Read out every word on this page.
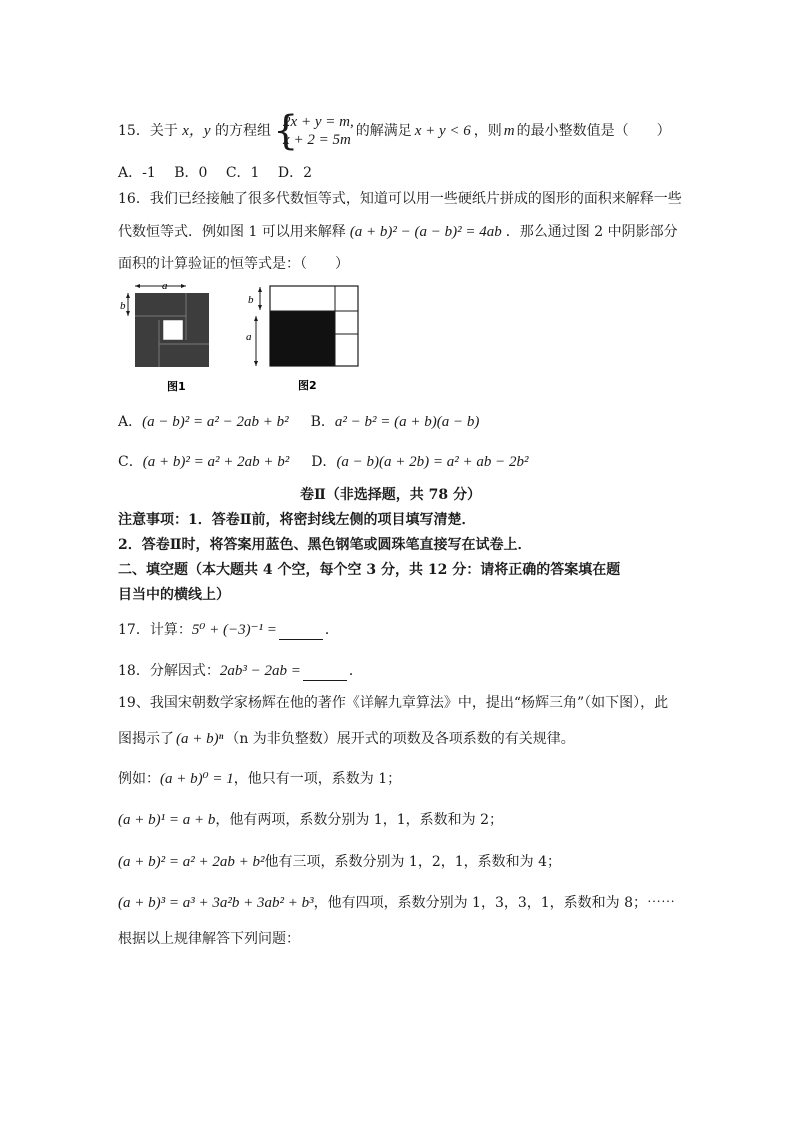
15．关于 x，y 的方程组 {
2x + y = m,
x + 2 = 5m
的解满足 x + y < 6 ，则 m 的最小整数值是（　　）
A．-1　 B．0　 C．1　 D．2
16．我们已经接触了很多代数恒等式，知道可以用一些硬纸片拼成的图形的面积来解释一些
代数恒等式．例如图 1 可以用来解释 (a + b)² − (a − b)² = 4ab ．那么通过图 2 中阴影部分
面积的计算验证的恒等式是：（　　）
a
b
图1
b
a
图2
A．(a − b)² = a² − 2ab + b² B．a² − b² = (a + b)(a − b)
C．(a + b)² = a² + 2ab + b² D．(a − b)(a + 2b) = a² + ab − 2b²
卷Ⅱ（非选择题，共 78 分）
注意事项：1．答卷Ⅱ前，将密封线左侧的项目填写清楚．
2．答卷Ⅱ时，将答案用蓝色、黑色钢笔或圆珠笔直接写在试卷上．
二、填空题（本大题共 4 个空，每个空 3 分，共 12 分：请将正确的答案填在题
目当中的横线上）
17．计算：5⁰ + (−3)⁻¹ =	．
18．分解因式：2ab³ − 2ab =	．
19、我国宋朝数学家杨辉在他的著作《详解九章算法》中，提出“杨辉三角”（如下图），此
图揭示了 (a + b)ⁿ （n 为非负整数）展开式的项数及各项系数的有关规律。
例如：(a + b)⁰ = 1，他只有一项，系数为 1；
(a + b)¹ = a + b，他有两项，系数分别为 1，1，系数和为 2；
(a + b)² = a² + 2ab + b²他有三项，系数分别为 1，2，1，系数和为 4；
(a + b)³ = a³ + 3a²b + 3ab² + b³，他有四项，系数分别为 1，3，3，1，系数和为 8；⋯⋯
根据以上规律解答下列问题：
